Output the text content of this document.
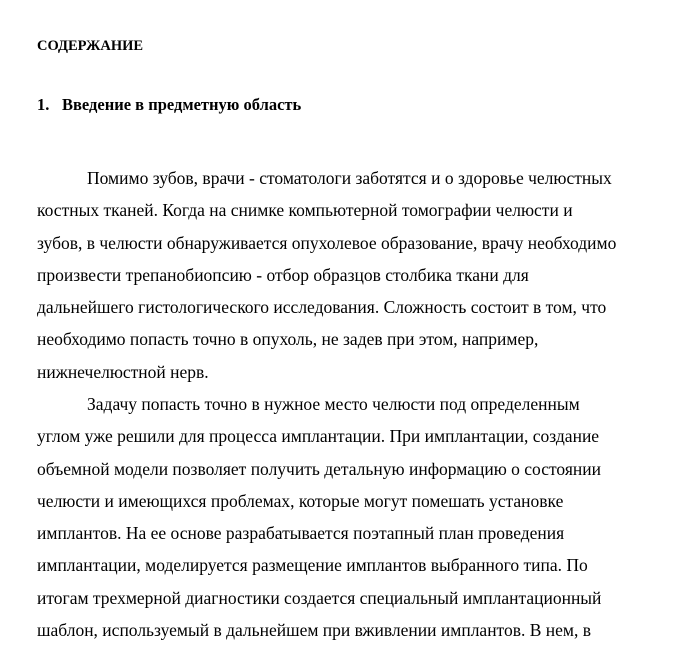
СОДЕРЖАНИЕ

1. Введение в предметную область

Помимо зубов, врачи - стоматологи заботятся и о здоровье челюстных
костных тканей. Когда на снимке компьютерной томографии челюсти и
зубов, в челюсти обнаруживается опухолевое образование, врачу необходимо
произвести трепанобиопсию - отбор образцов столбика ткани для
дальнейшего гистологического исследования. Сложность состоит в том, что
необходимо попасть точно в опухоль, не задев при этом, например,
нижнечелюстной нерв.

Задачу попасть точно в нужное место челюсти под определенным
углом уже решили для процесса имплантации. При имплантации, создание
объемной модели позволяет получить детальную информацию о состоянии
челюсти и имеющихся проблемах, которые могут помешать установке
имплантов. На ее основе разрабатывается поэтапный план проведения
имплантации, моделируется размещение имплантов выбранного типа. По
итогам трехмерной диагностики создается специальный имплантационный
шаблон, используемый в дальнейшем при вживлении имплантов. В нем, в
